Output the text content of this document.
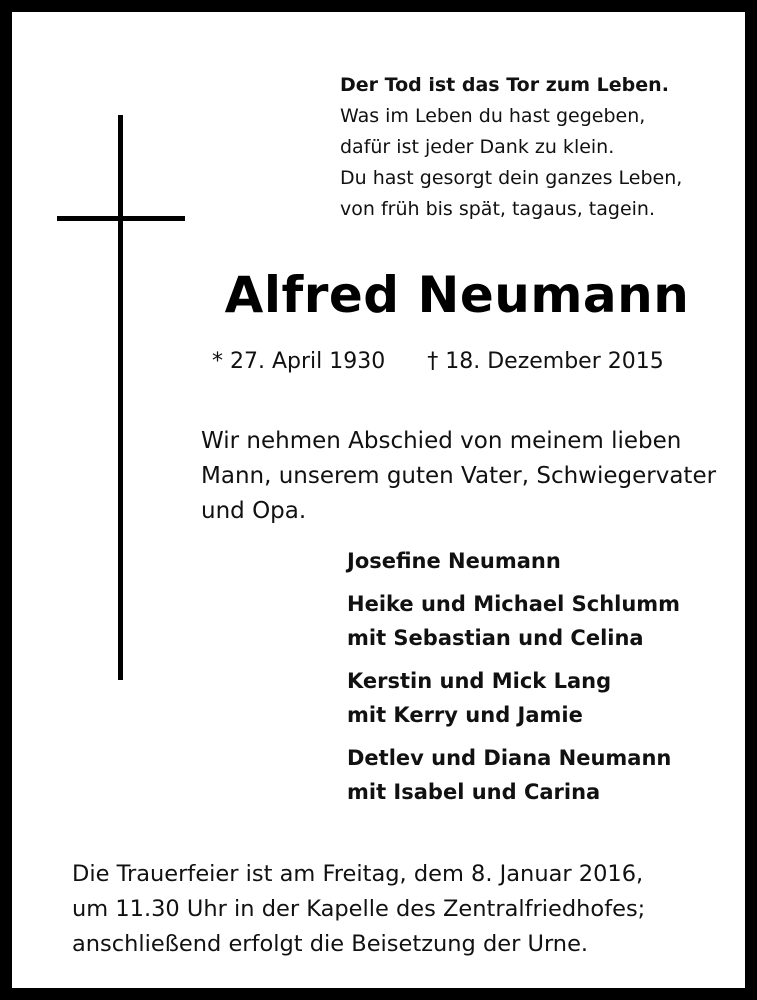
Der Tod ist das Tor zum Leben.
Was im Leben du hast gegeben,
dafür ist jeder Dank zu klein.
Du hast gesorgt dein ganzes Leben,
von früh bis spät, tagaus, tagein.
Alfred Neumann
* 27. April 1930 † 18. Dezember 2015
Wir nehmen Abschied von meinem lieben
Mann, unserem guten Vater, Schwiegervater
und Opa.
Josefine Neumann
Heike und Michael Schlumm
mit Sebastian und Celina
Kerstin und Mick Lang
mit Kerry und Jamie
Detlev und Diana Neumann
mit Isabel und Carina
Die Trauerfeier ist am Freitag, dem 8. Januar 2016,
um 11.30 Uhr in der Kapelle des Zentralfriedhofes;
anschließend erfolgt die Beisetzung der Urne.
